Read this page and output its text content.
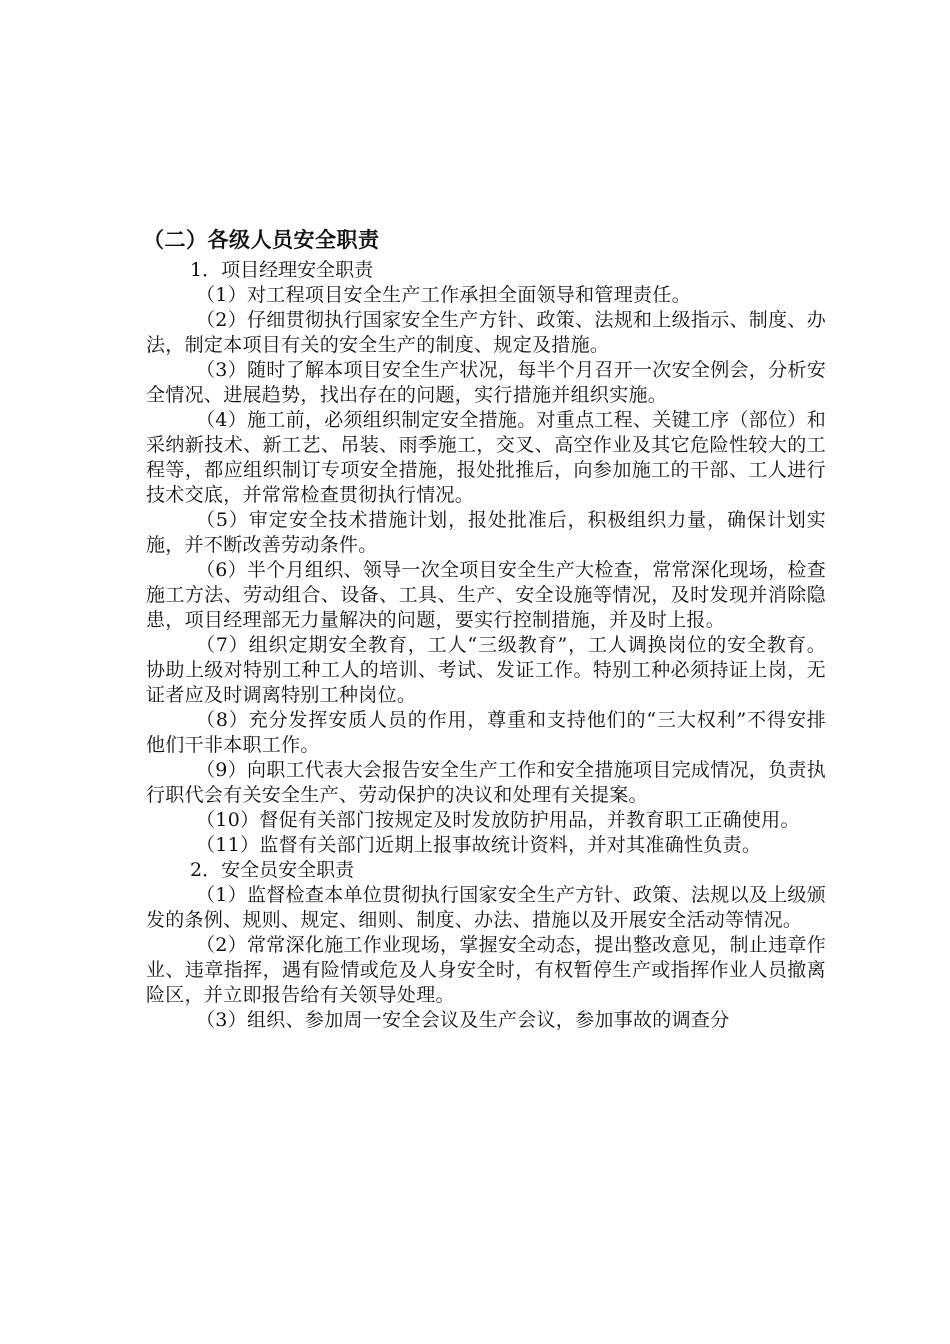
（二）各级人员安全职责
1．项目经理安全职责

（1）对工程项目安全生产工作承担全面领导和管理责任。

（2）仔细贯彻执行国家安全生产方针、政策、法规和上级指示、制度、办法，制定本项目有关的安全生产的制度、规定及措施。

（3）随时了解本项目安全生产状况，每半个月召开一次安全例会，分析安全情况、进展趋势，找出存在的问题，实行措施并组织实施。

（4）施工前，必须组织制定安全措施。对重点工程、关键工序（部位）和采纳新技术、新工艺、吊装、雨季施工，交叉、高空作业及其它危险性较大的工程等，都应组织制订专项安全措施，报处批推后，向参加施工的干部、工人进行技术交底，并常常检查贯彻执行情况。

（5）审定安全技术措施计划，报处批准后，积极组织力量，确保计划实施，并不断改善劳动条件。

（6）半个月组织、领导一次全项目安全生产大检查，常常深化现场，检查施工方法、劳动组合、设备、工具、生产、安全设施等情况，及时发现并消除隐患，项目经理部无力量解决的问题，要实行控制措施，并及时上报。

（7）组织定期安全教育，工人“三级教育”，工人调换岗位的安全教育。协助上级对特别工种工人的培训、考试、发证工作。特别工种必须持证上岗，无证者应及时调离特别工种岗位。

（8）充分发挥安质人员的作用，尊重和支持他们的“三大权利”不得安排他们干非本职工作。

（9）向职工代表大会报告安全生产工作和安全措施项目完成情况，负责执行职代会有关安全生产、劳动保护的决议和处理有关提案。

（10）督促有关部门按规定及时发放防护用品，并教育职工正确使用。

（11）监督有关部门近期上报事故统计资料，并对其准确性负责。

2．安全员安全职责

（1）监督检查本单位贯彻执行国家安全生产方针、政策、法规以及上级颁发的条例、规则、规定、细则、制度、办法、措施以及开展安全活动等情况。

（2）常常深化施工作业现场，掌握安全动态，提出整改意见，制止违章作业、违章指挥，遇有险情或危及人身安全时，有权暂停生产或指挥作业人员撤离险区，并立即报告给有关领导处理。

（3）组织、参加周一安全会议及生产会议，参加事故的调查分
